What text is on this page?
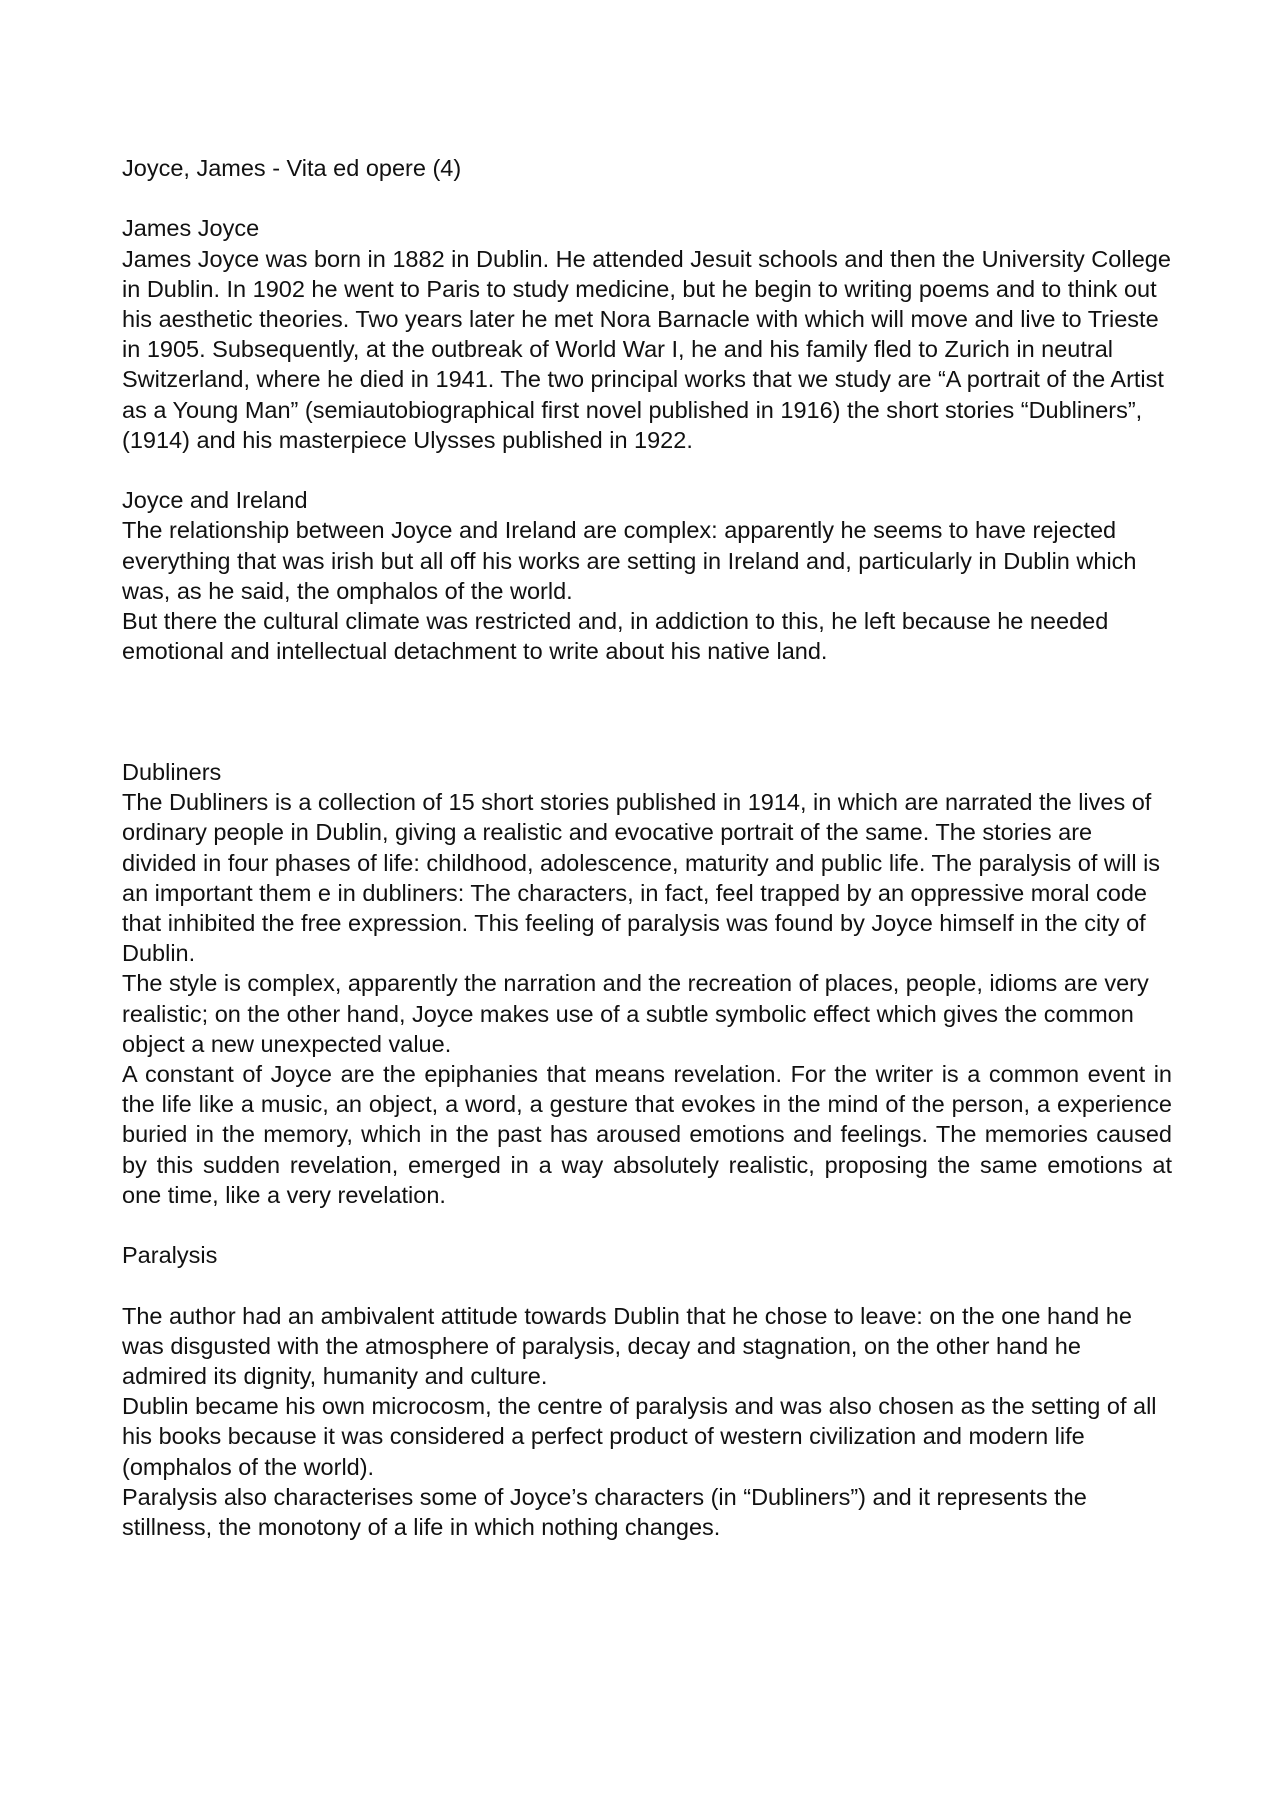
Joyce, James - Vita ed opere (4)

James Joyce

James Joyce was born in 1882 in Dublin. He attended Jesuit schools and then the University College in Dublin. In 1902 he went to Paris to study medicine, but he begin to writing poems and to think out his aesthetic theories. Two years later he met Nora Barnacle with which will move and live to Trieste in 1905. Subsequently, at the outbreak of World War I, he and his family fled to Zurich in neutral Switzerland, where he died in 1941. The two principal works that we study are “A portrait of the Artist as a Young Man” (semiautobiographical first novel published in 1916) the short stories “Dubliners”, (1914) and his masterpiece Ulysses published in 1922.

Joyce and Ireland

The relationship between Joyce and Ireland are complex: apparently he seems to have rejected everything that was irish but all off his works are setting in Ireland and, particularly in Dublin which was, as he said, the omphalos of the world.

But there the cultural climate was restricted and, in addiction to this, he left because he needed emotional and intellectual detachment to write about his native land.

Dubliners

The Dubliners is a collection of 15 short stories published in 1914, in which are narrated the lives of ordinary people in Dublin, giving a realistic and evocative portrait of the same. The stories are divided in four phases of life: childhood, adolescence, maturity and public life. The paralysis of will is an important them e in dubliners: The characters, in fact, feel trapped by an oppressive moral code that inhibited the free expression. This feeling of paralysis was found by Joyce himself in the city of Dublin.

The style is complex, apparently the narration and the recreation of places, people, idioms are very realistic; on the other hand, Joyce makes use of a subtle symbolic effect which gives the common object a new unexpected value.

A constant of Joyce are the epiphanies that means revelation. For the writer is a common event in the life like a music, an object, a word, a gesture that evokes in the mind of the person, a experience buried in the memory, which in the past has aroused emotions and feelings. The memories caused by this sudden revelation, emerged in a way absolutely realistic, proposing the same emotions at one time, like a very revelation.

Paralysis

The author had an ambivalent attitude towards Dublin that he chose to leave: on the one hand he was disgusted with the atmosphere of paralysis, decay and stagnation, on the other hand he admired its dignity, humanity and culture.

Dublin became his own microcosm, the centre of paralysis and was also chosen as the setting of all his books because it was considered a perfect product of western civilization and modern life (omphalos of the world).

Paralysis also characterises some of Joyce’s characters (in “Dubliners”) and it represents the stillness, the monotony of a life in which nothing changes.
